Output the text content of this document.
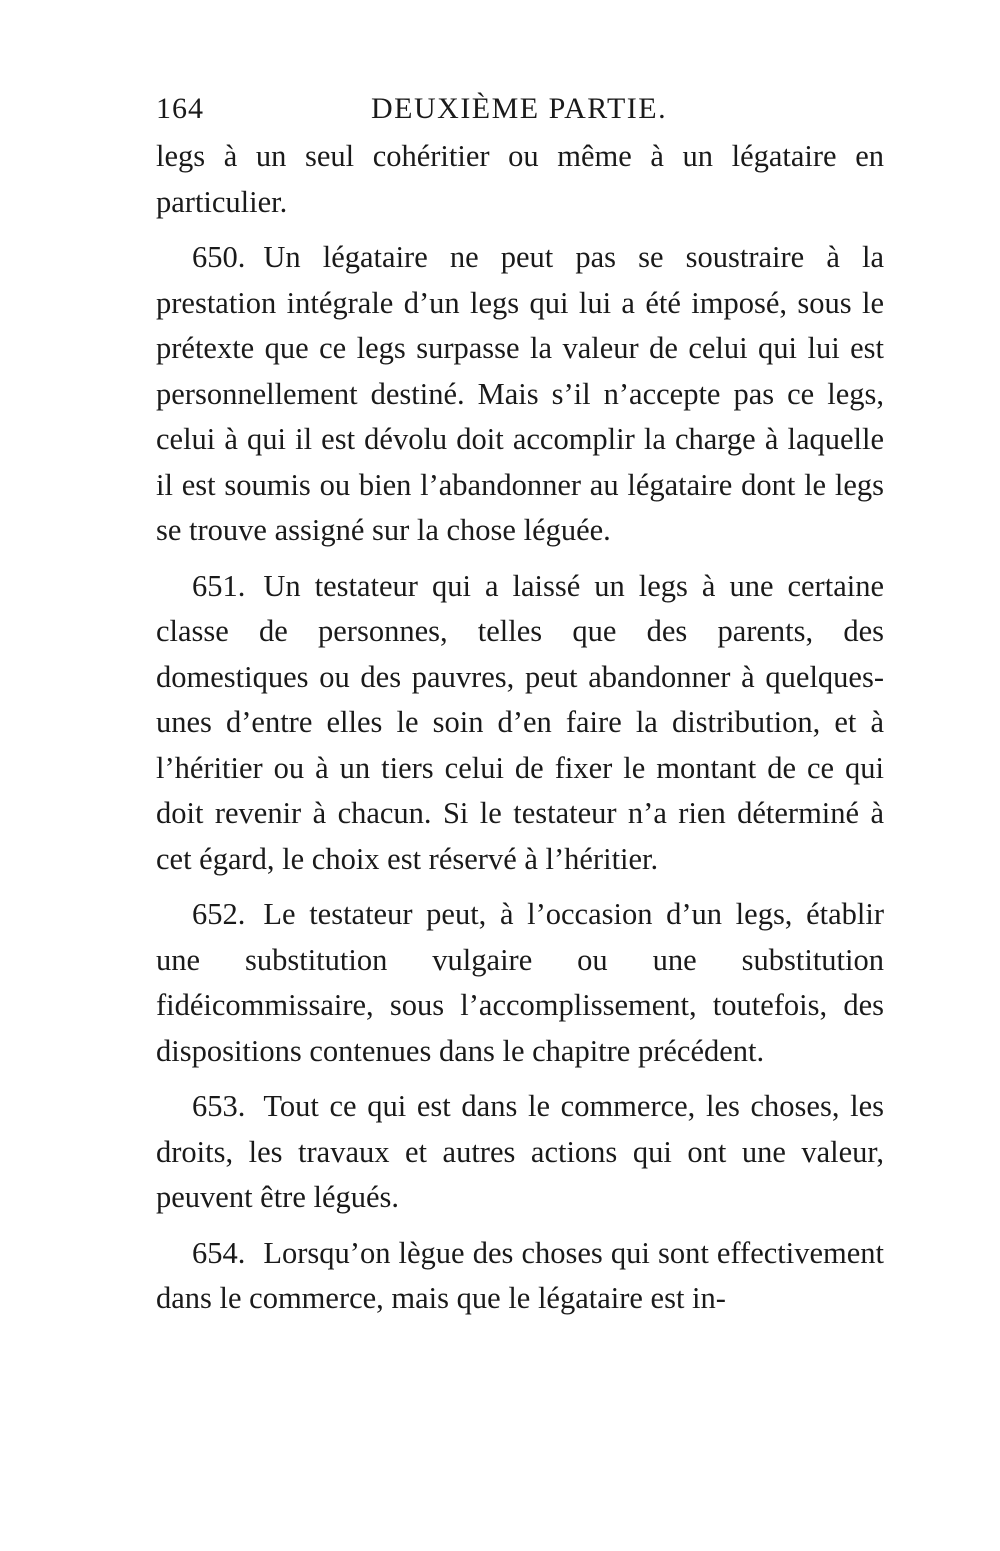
164	DEUXIÈME PARTIE.

legs à un seul cohéritier ou même à un légataire en particulier.

650. Un légataire ne peut pas se soustraire à la prestation intégrale d’un legs qui lui a été imposé, sous le prétexte que ce legs surpasse la valeur de celui qui lui est personnellement destiné. Mais s’il n’accepte pas ce legs, celui à qui il est dévolu doit accomplir la charge à laquelle il est soumis ou bien l’abandonner au légataire dont le legs se trouve assigné sur la chose léguée.

651. Un testateur qui a laissé un legs à une certaine classe de personnes, telles que des parents, des domestiques ou des pauvres, peut abandonner à quelques-unes d’entre elles le soin d’en faire la distribution, et à l’héritier ou à un tiers celui de fixer le montant de ce qui doit revenir à chacun. Si le testateur n’a rien déterminé à cet égard, le choix est réservé à l’héritier.

652. Le testateur peut, à l’occasion d’un legs, établir une substitution vulgaire ou une substitution fidéicommissaire, sous l’accomplissement, toutefois, des dispositions contenues dans le chapitre précédent.

653. Tout ce qui est dans le commerce, les choses, les droits, les travaux et autres actions qui ont une valeur, peuvent être légués.

654. Lorsqu’on lègue des choses qui sont effectivement dans le commerce, mais que le légataire est in-
